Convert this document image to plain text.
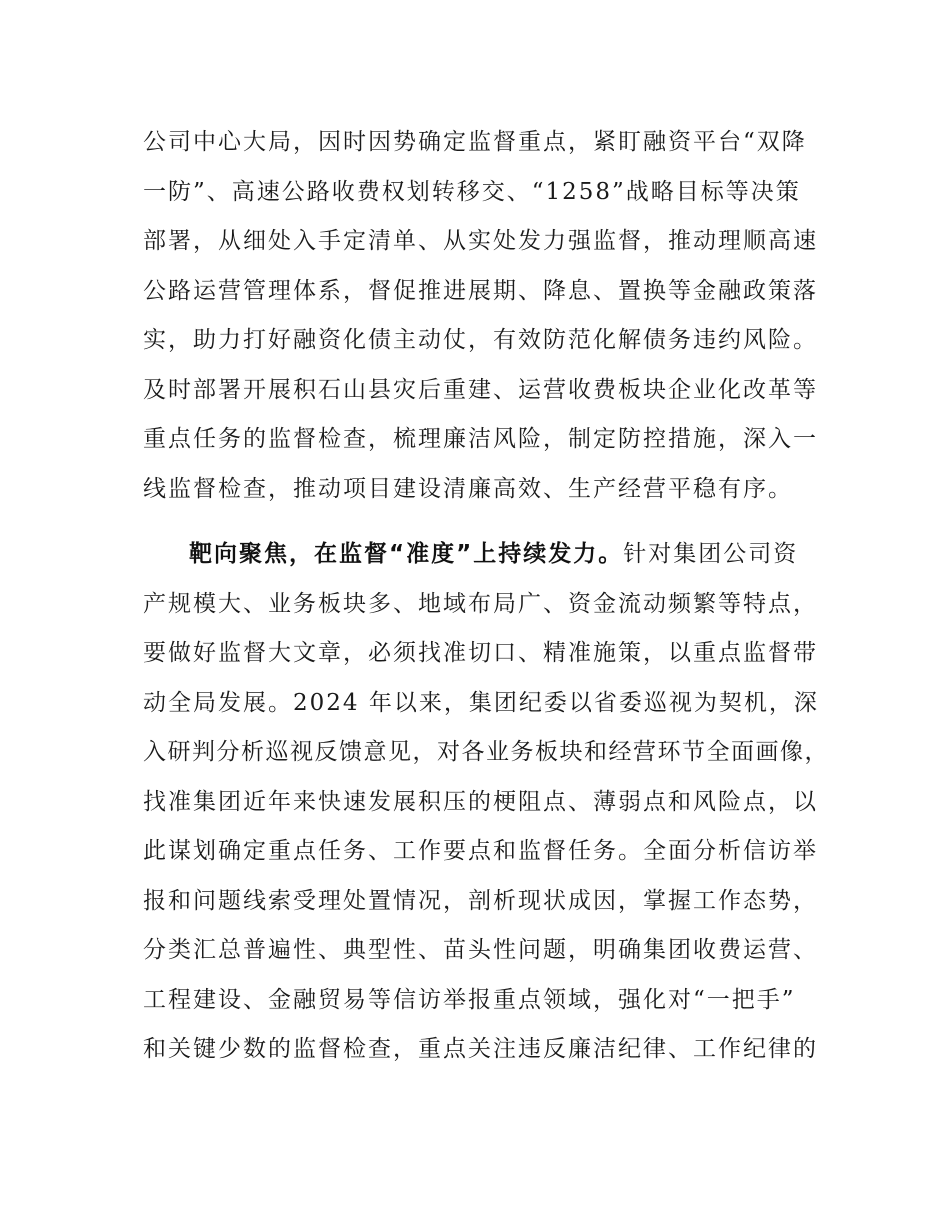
公司中心大局，因时因势确定监督重点，紧盯融资平台“双降
一防”、高速公路收费权划转移交、“1258”战略目标等决策
部署，从细处入手定清单、从实处发力强监督，推动理顺高速
公路运营管理体系，督促推进展期、降息、置换等金融政策落
实，助力打好融资化债主动仗，有效防范化解债务违约风险。
及时部署开展积石山县灾后重建、运营收费板块企业化改革等
重点任务的监督检查，梳理廉洁风险，制定防控措施，深入一
线监督检查，推动项目建设清廉高效、生产经营平稳有序。
靶向聚焦，在监督“准度”上持续发力。针对集团公司资
产规模大、业务板块多、地域布局广、资金流动频繁等特点，
要做好监督大文章，必须找准切口、精准施策，以重点监督带
动全局发展。2024 年以来，集团纪委以省委巡视为契机，深
入研判分析巡视反馈意见，对各业务板块和经营环节全面画像，
找准集团近年来快速发展积压的梗阻点、薄弱点和风险点，以
此谋划确定重点任务、工作要点和监督任务。全面分析信访举
报和问题线索受理处置情况，剖析现状成因，掌握工作态势，
分类汇总普遍性、典型性、苗头性问题，明确集团收费运营、
工程建设、金融贸易等信访举报重点领域，强化对“一把手”
和关键少数的监督检查，重点关注违反廉洁纪律、工作纪律的
